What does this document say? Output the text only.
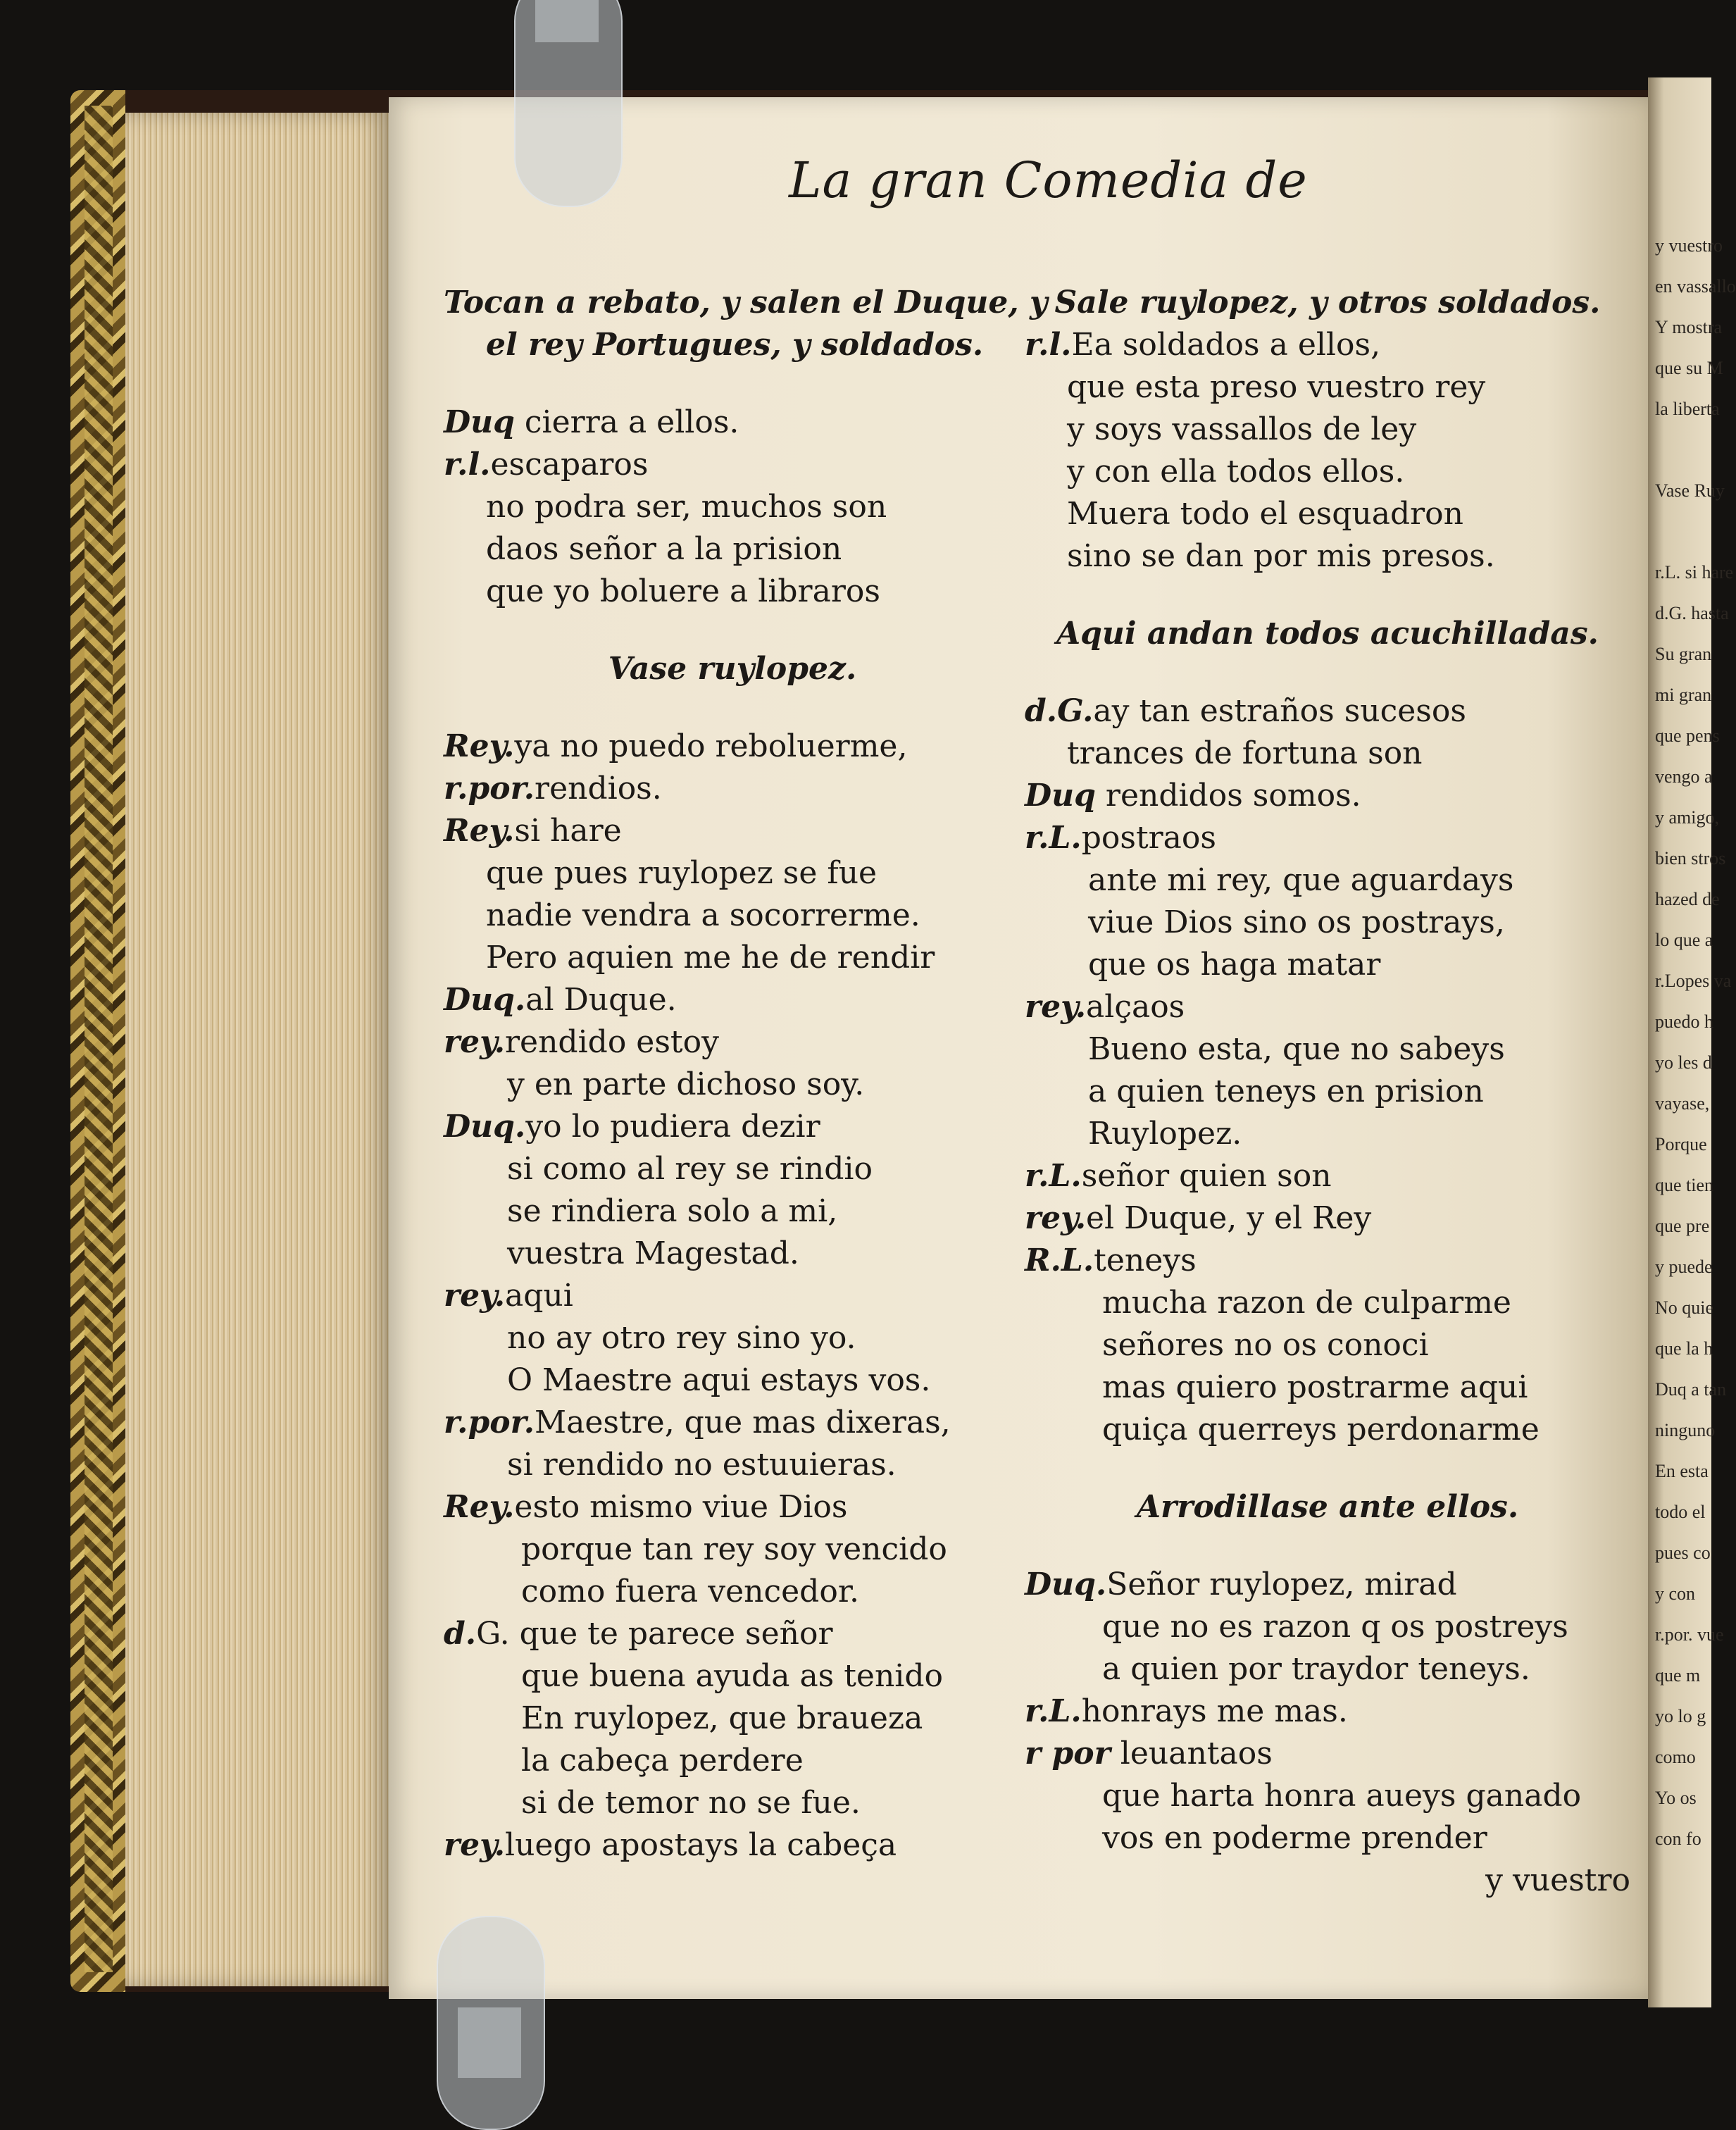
La gran Comedia de
Tocan a rebato, y salen el Duque, y
el rey Portugues, y soldados.
Duq cierra a ellos.
r.l.escaparos
no podra ser, muchos son
daos señor a la prision
que yo boluere a libraros
Vase ruylopez.
Rey.ya no puedo reboluerme,
r.por.rendios.
Rey.si hare
que pues ruylopez se fue
nadie vendra a socorrerme.
Pero aquien me he de rendir
Duq.al Duque.
rey.rendido estoy
y en parte dichoso soy.
Duq.yo lo pudiera dezir
si como al rey se rindio
se rindiera solo a mi,
vuestra Magestad.
rey.aqui
no ay otro rey sino yo.
O Maestre aqui estays vos.
r.por.Maestre, que mas dixeras,
si rendido no estuuieras.
Rey.esto mismo viue Dios
porque tan rey soy vencido
como fuera vencedor.
d.G. que te parece señor
que buena ayuda as tenido
En ruylopez, que braueza
la cabeça perdere
si de temor no se fue.
rey.luego apostays la cabeça
Sale ruylopez, y otros soldados.
r.l.Ea soldados a ellos,
que esta preso vuestro rey
y soys vassallos de ley
y con ella todos ellos.
Muera todo el esquadron
sino se dan por mis presos.
Aqui andan todos acuchilladas.
d.G.ay tan estraños sucesos
trances de fortuna son
Duq rendidos somos.
r.L.postraos
ante mi rey, que aguardays
viue Dios sino os postrays,
que os haga matar
rey.alçaos
Bueno esta, que no sabeys
a quien teneys en prision
Ruylopez.
r.L.señor quien son
rey.el Duque, y el Rey
R.L.teneys
mucha razon de culparme
señores no os conoci
mas quiero postrarme aqui
quiça querreys perdonarme
Arrodillase ante ellos.
Duq.Señor ruylopez, mirad
que no es razon q os postreys
a quien por traydor teneys.
r.L.honrays me mas.
r por leuantaos
que harta honra aueys ganado
vos en poderme prender
y vuestro
y vuestro
en vassallo
Y mostra
que su M
la liberta
Vase Ruy
r.L. si hare
d.G. hasta
Su gran
mi gran
que pens
vengo a
y amigo,
bien stros
hazed de
lo que a
r.Lopes va
puedo h
yo les d
vayase,
Porque
que tien
que pre
y puede
No quie
que la h
Duq a tan
ninguno
En esta
todo el
pues co
y con
r.por. vue
que m
yo lo g
como
Yo os
con fo
